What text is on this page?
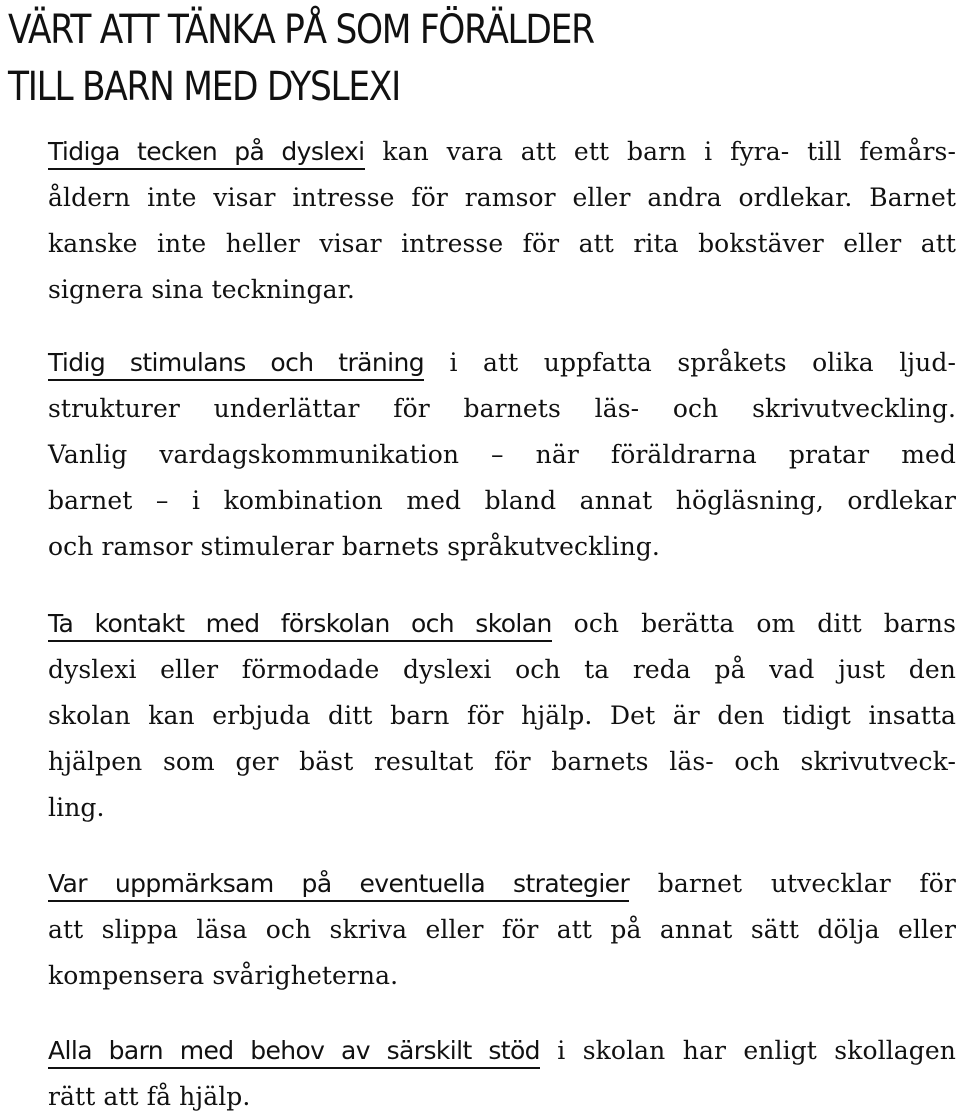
VÄRT ATT TÄNKA PÅ SOM FÖRÄLDER
TILL BARN MED DYSLEXI

Tidiga tecken på dyslexi kan vara att ett barn i fyra- till femårs-
åldern inte visar intresse för ramsor eller andra ordlekar. Barnet
kanske inte heller visar intresse för att rita bokstäver eller att
signera sina teckningar.

Tidig stimulans och träning i att uppfatta språkets olika ljud-
strukturer underlättar för barnets läs- och skrivutveckling.
Vanlig vardagskommunikation – när föräldrarna pratar med
barnet – i kombination med bland annat högläsning, ordlekar
och ramsor stimulerar barnets språkutveckling.

Ta kontakt med förskolan och skolan och berätta om ditt barns
dyslexi eller förmodade dyslexi och ta reda på vad just den
skolan kan erbjuda ditt barn för hjälp. Det är den tidigt insatta
hjälpen som ger bäst resultat för barnets läs- och skrivutveck-
ling.

Var uppmärksam på eventuella strategier barnet utvecklar för
att slippa läsa och skriva eller för att på annat sätt dölja eller
kompensera svårigheterna.

Alla barn med behov av särskilt stöd i skolan har enligt skollagen
rätt att få hjälp.
